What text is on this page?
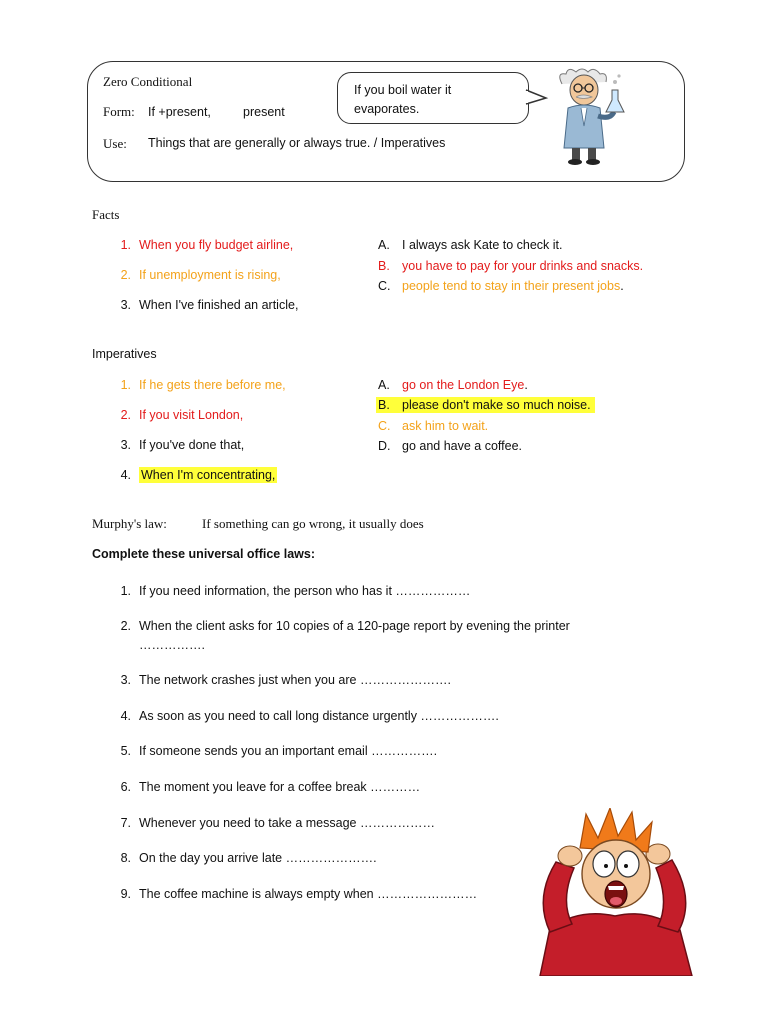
Zero Conditional
Form: If +present,	present
Use: Things that are generally or always true. / Imperatives
If you boil water it
evaporates.
Facts
1. When you fly budget airline,
2. If unemployment is rising,
3. When I've finished an article,
A. I always ask Kate to check it.
B. you have to pay for your drinks and snacks.
C. people tend to stay in their present jobs.
Imperatives
1. If he gets there before me,
2. If you visit London,
3. If you've done that,
4. When I'm concentrating,
A. go on the London Eye.
B. please don't make so much noise.
C. ask him to wait.
D. go and have a coffee.
Murphy's law:	If something can go wrong, it usually does
Complete these universal office laws:
1. If you need information, the person who has it ………………
2. When the client asks for 10 copies of a 120-page report by evening the printer
…………….
3. The network crashes just when you are ………………….
4. As soon as you need to call long distance urgently ……………….
5. If someone sends you an important email …………….
6. The moment you leave for a coffee break …………
7. Whenever you need to take a message ………………
8. On the day you arrive late ………………….
9. The coffee machine is always empty when ……………………
